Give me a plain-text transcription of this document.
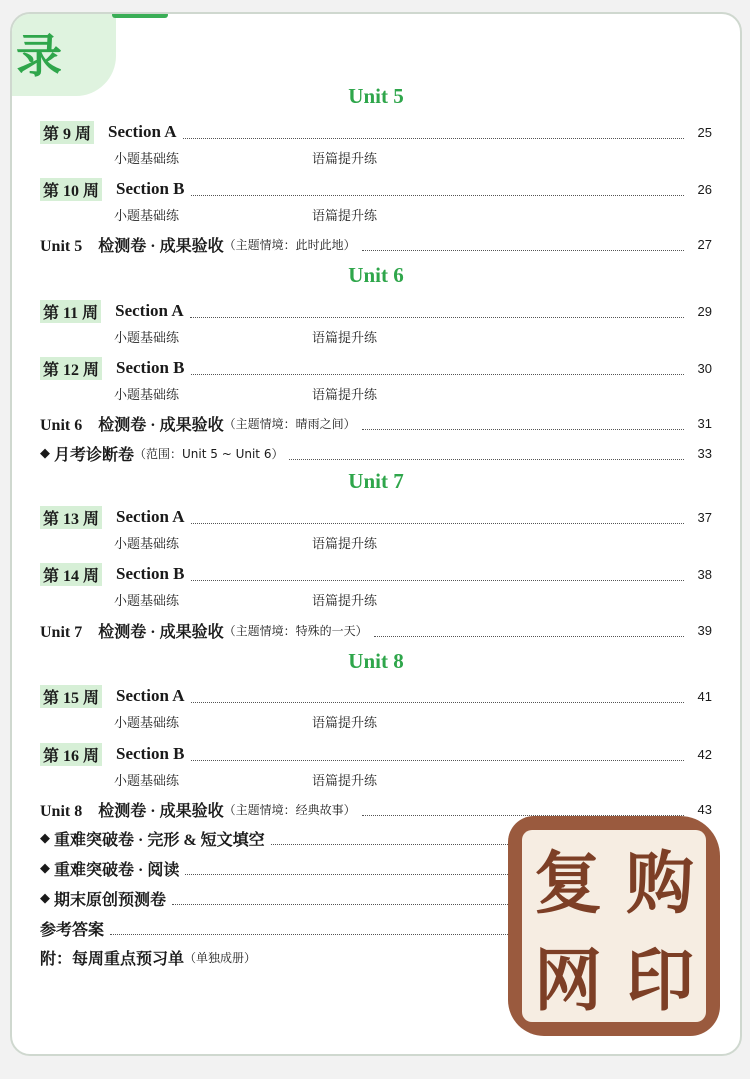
录
Unit 5
第 9 周 Section A	25
小题基础练	语篇提升练
第 10 周 Section B	26
小题基础练	语篇提升练
Unit 5　检测卷 · 成果验收 （主题情境：此时此地）	27
Unit 6
第 11 周 Section A	29
小题基础练	语篇提升练
第 12 周 Section B	30
小题基础练	语篇提升练
Unit 6　检测卷 · 成果验收 （主题情境：晴雨之间）	31
◆ 月考诊断卷 （范围：Unit 5 ~ Unit 6）	33
Unit 7
第 13 周 Section A	37
小题基础练	语篇提升练
第 14 周 Section B	38
小题基础练	语篇提升练
Unit 7　检测卷 · 成果验收 （主题情境：特殊的一天）	39
Unit 8
第 15 周 Section A	41
小题基础练	语篇提升练
第 16 周 Section B	42
小题基础练	语篇提升练
Unit 8　检测卷 · 成果验收 （主题情境：经典故事）	43
◆ 重难突破卷 · 完形 & 短文填空
◆ 重难突破卷 · 阅读
◆ 期末原创预测卷
参考答案
附：每周重点预习单 （单独成册）
复 购
网 印
